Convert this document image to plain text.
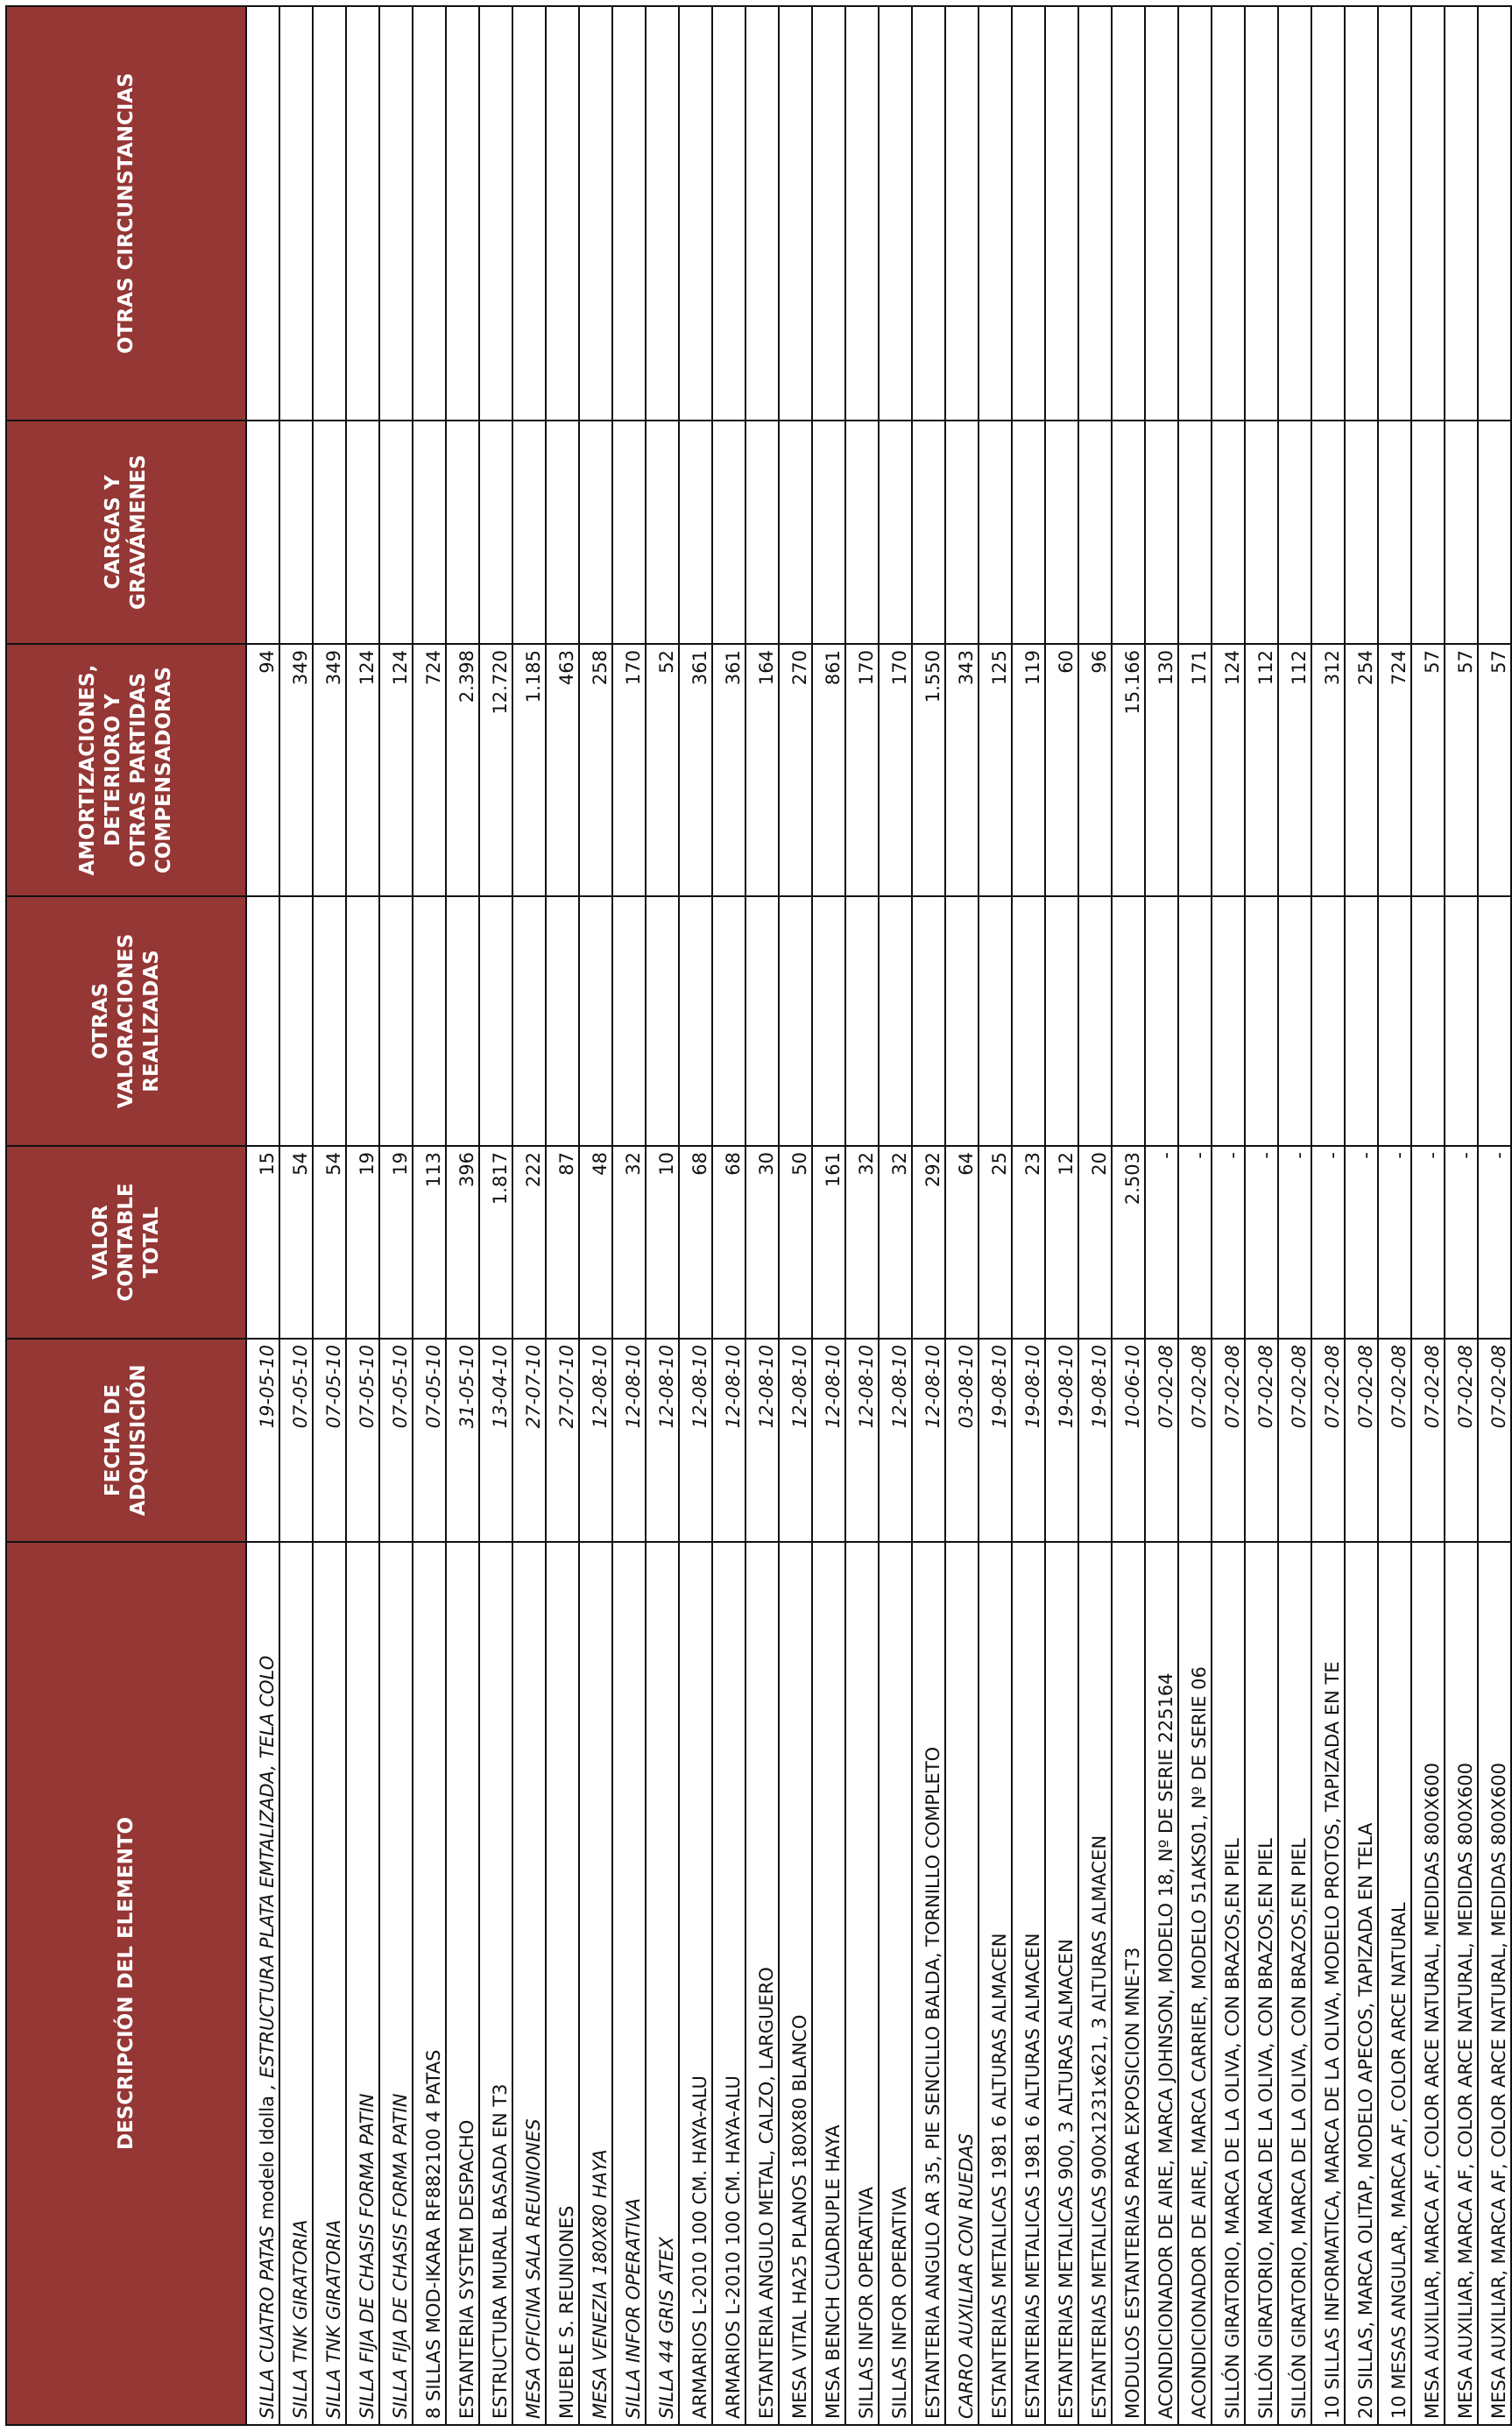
DESCRIPCIÓN DEL ELEMENTO	FECHA DE ADQUISICIÓN	VALOR CONTABLE TOTAL	OTRAS VALORACIONES REALIZADAS	AMORTIZACIONES, DETERIORO Y OTRAS PARTIDAS COMPENSADORAS	CARGAS Y GRAVÁMENES	OTRAS CIRCUNSTANCIAS
SILLA CUATRO PATAS modelo Idolla , ESTRUCTURA PLATA EMTALIZADA, TELA COLO	19-05-10	15		94		
SILLA TNK GIRATORIA	07-05-10	54		349		
SILLA TNK GIRATORIA	07-05-10	54		349		
SILLA FIJA DE CHASIS FORMA PATIN	07-05-10	19		124		
SILLA FIJA DE CHASIS FORMA PATIN	07-05-10	19		124		
8 SILLAS MOD-IKARA RF882100 4 PATAS	07-05-10	113		724		
ESTANTERIA SYSTEM DESPACHO	31-05-10	396		2.398		
ESTRUCTURA MURAL BASADA EN T3	13-04-10	1.817		12.720		
MESA OFICINA SALA REUNIONES	27-07-10	222		1.185		
MUEBLE S. REUNIONES	27-07-10	87		463		
MESA VENEZIA 180X80 HAYA	12-08-10	48		258		
SILLA INFOR OPERATIVA	12-08-10	32		170		
SILLA 44 GRIS ATEX	12-08-10	10		52		
ARMARIOS L-2010 100 CM. HAYA-ALU	12-08-10	68		361		
ARMARIOS L-2010 100 CM. HAYA-ALU	12-08-10	68		361		
ESTANTERIA ANGULO METAL, CALZO, LARGUERO	12-08-10	30		164		
MESA VITAL HA25 PLANOS 180X80 BLANCO	12-08-10	50		270		
MESA BENCH CUADRUPLE HAYA	12-08-10	161		861		
SILLAS INFOR OPERATIVA	12-08-10	32		170		
SILLAS INFOR OPERATIVA	12-08-10	32		170		
ESTANTERIA ANGULO AR 35, PIE SENCILLO BALDA, TORNILLO COMPLETO	12-08-10	292		1.550		
CARRO AUXILIAR CON RUEDAS	03-08-10	64		343		
ESTANTERIAS METALICAS 1981 6 ALTURAS ALMACEN	19-08-10	25		125		
ESTANTERIAS METALICAS 1981 6 ALTURAS ALMACEN	19-08-10	23		119		
ESTANTERIAS METALICAS 900, 3 ALTURAS ALMACEN	19-08-10	12		60		
ESTANTERIAS METALICAS 900x1231x621, 3 ALTURAS ALMACEN	19-08-10	20		96		
MODULOS ESTANTERIAS PARA EXPOSICION MNE-T3	10-06-10	2.503		15.166		
ACONDICIONADOR DE AIRE, MARCA JOHNSON, MODELO 18, Nº DE SERIE 225164	07-02-08	-		130		
ACONDICIONADOR DE AIRE, MARCA CARRIER, MODELO 51AKS01, Nº DE SERIE 06	07-02-08	-		171		
SILLÓN GIRATORIO, MARCA DE LA OLIVA, CON BRAZOS,EN PIEL	07-02-08	-		124		
SILLÓN GIRATORIO, MARCA DE LA OLIVA, CON BRAZOS,EN PIEL	07-02-08	-		112		
SILLÓN GIRATORIO, MARCA DE LA OLIVA, CON BRAZOS,EN PIEL	07-02-08	-		112		
10 SILLAS INFORMATICA, MARCA DE LA OLIVA, MODELO PROTOS, TAPIZADA EN TE	07-02-08	-		312		
20 SILLAS, MARCA OLITAP, MODELO APECOS, TAPIZADA EN TELA	07-02-08	-		254		
10 MESAS ANGULAR, MARCA AF, COLOR ARCE NATURAL	07-02-08	-		724		
MESA AUXILIAR, MARCA AF, COLOR ARCE NATURAL, MEDIDAS 800X600	07-02-08	-		57		
MESA AUXILIAR, MARCA AF, COLOR ARCE NATURAL, MEDIDAS 800X600	07-02-08	-		57		
MESA AUXILIAR, MARCA AF, COLOR ARCE NATURAL, MEDIDAS 800X600	07-02-08	-		57		
